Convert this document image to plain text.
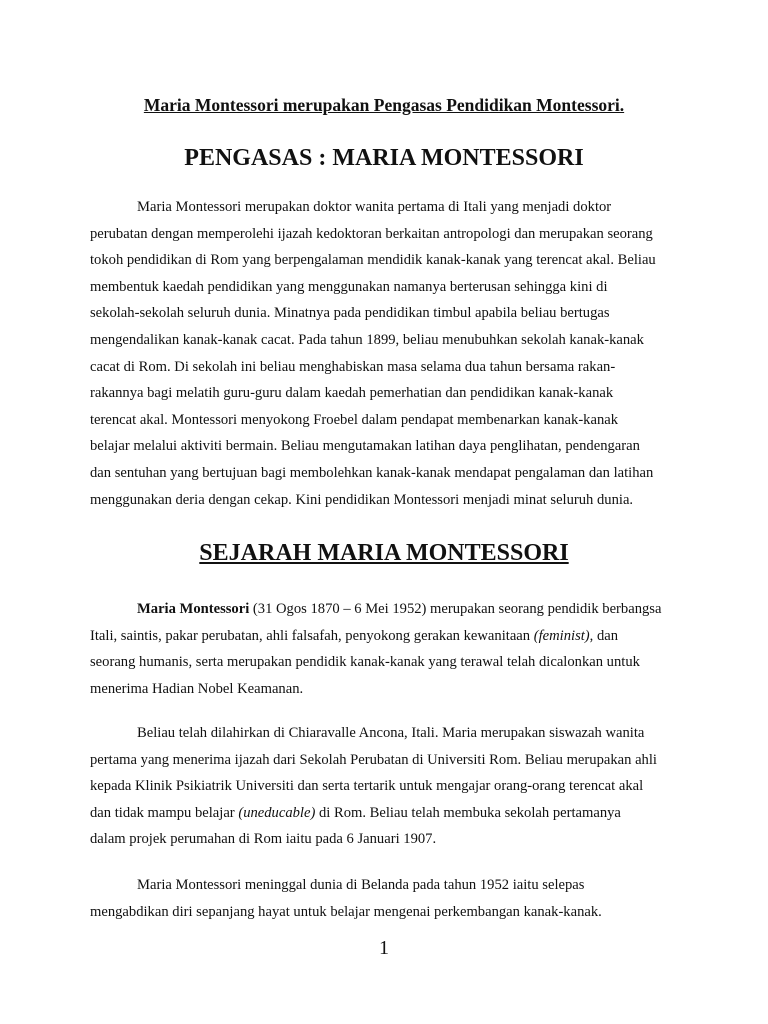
Maria Montessori merupakan Pengasas Pendidikan Montessori.
PENGASAS : MARIA MONTESSORI
Maria Montessori merupakan doktor wanita pertama di Itali yang menjadi doktor
perubatan dengan memperolehi ijazah kedoktoran berkaitan antropologi dan merupakan seorang
tokoh pendidikan di Rom yang berpengalaman mendidik kanak-kanak yang terencat akal. Beliau
membentuk kaedah pendidikan yang menggunakan namanya berterusan sehingga kini di
sekolah-sekolah seluruh dunia. Minatnya pada pendidikan timbul apabila beliau bertugas
mengendalikan kanak-kanak cacat. Pada tahun 1899, beliau menubuhkan sekolah kanak-kanak
cacat di Rom. Di sekolah ini beliau menghabiskan masa selama dua tahun bersama rakan-
rakannya bagi melatih guru-guru dalam kaedah pemerhatian dan pendidikan kanak-kanak
terencat akal. Montessori menyokong Froebel dalam pendapat membenarkan kanak-kanak
belajar melalui aktiviti bermain. Beliau mengutamakan latihan daya penglihatan, pendengaran
dan sentuhan yang bertujuan bagi membolehkan kanak-kanak mendapat pengalaman dan latihan
menggunakan deria dengan cekap. Kini pendidikan Montessori menjadi minat seluruh dunia.
SEJARAH MARIA MONTESSORI
Maria Montessori (31 Ogos 1870 – 6 Mei 1952) merupakan seorang pendidik berbangsa
Itali, saintis, pakar perubatan, ahli falsafah, penyokong gerakan kewanitaan (feminist), dan
seorang humanis, serta merupakan pendidik kanak-kanak yang terawal telah dicalonkan untuk
menerima Hadian Nobel Keamanan.
Beliau telah dilahirkan di Chiaravalle Ancona, Itali. Maria merupakan siswazah wanita
pertama yang menerima ijazah dari Sekolah Perubatan di Universiti Rom. Beliau merupakan ahli
kepada Klinik Psikiatrik Universiti dan serta tertarik untuk mengajar orang-orang terencat akal
dan tidak mampu belajar (uneducable) di Rom. Beliau telah membuka sekolah pertamanya
dalam projek perumahan di Rom iaitu pada 6 Januari 1907.
Maria Montessori meninggal dunia di Belanda pada tahun 1952 iaitu selepas
mengabdikan diri sepanjang hayat untuk belajar mengenai perkembangan kanak-kanak.
1
